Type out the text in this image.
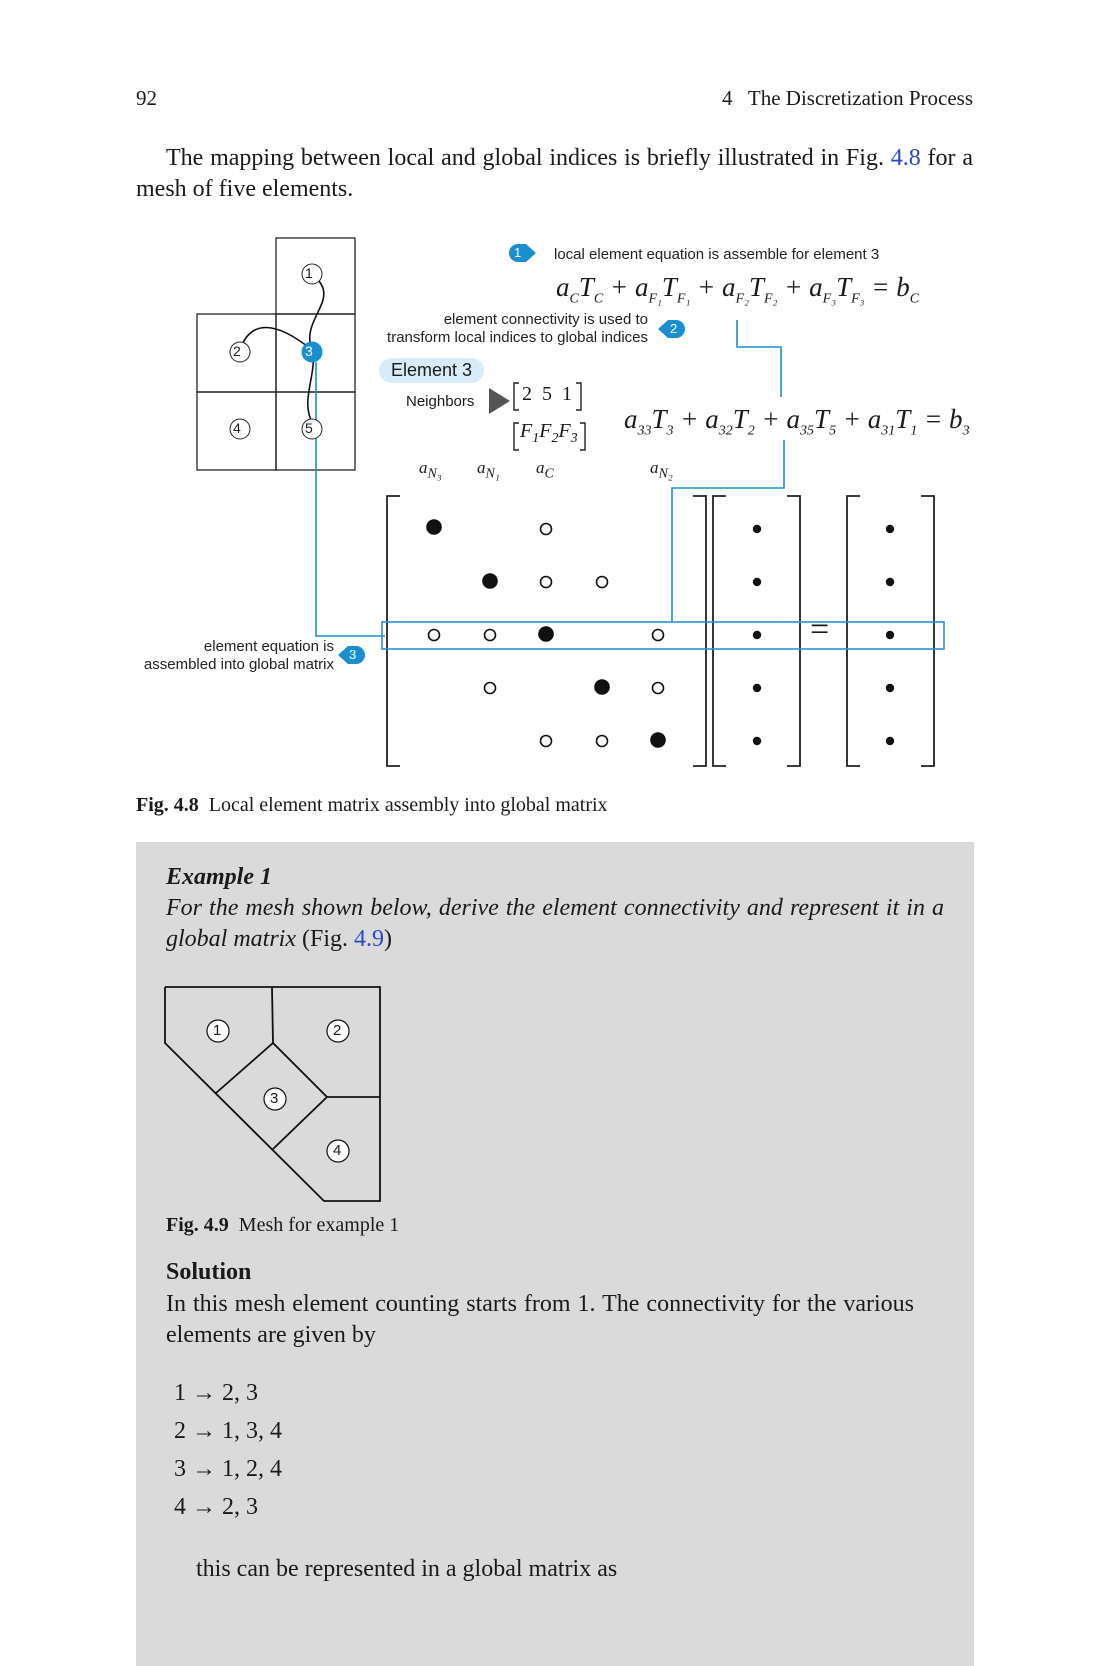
92	4   The Discretization Process
The mapping between local and global indices is briefly illustrated in Fig. 4.8 for a mesh of five elements.
1
2	3
4	5
1 local element equation is assemble for element 3
2
element connectivity is used to
transform local indices to global indices
3
element equation is
assembled into global matrix
$a_CT_C + a_{F_1}T_{F_1} + a_{F_2}T_{F_2} + a_{F_3}T_{F_3} = b_C$
Element 3
Neighbors 2  5  1
$F_1F_2F_3$
$a_{33}T_3 + a_{32}T_2 + a_{35}T_5 + a_{31}T_1 = b_3$
$a_{N_3}$ $a_{N_1}$ $a_C$	$a_{N_2}$
=
Fig. 4.8 Local element matrix assembly into global matrix
Example 1
For the mesh shown below, derive the element connectivity and represent it in a global matrix (Fig. 4.9)
1	2
3
4
Fig. 4.9 Mesh for example 1
Solution
In this mesh element counting starts from 1. The connectivity for the various elements are given by
1 → 2, 3
2 → 1, 3, 4
3 → 1, 2, 4
4 → 2, 3
this can be represented in a global matrix as
